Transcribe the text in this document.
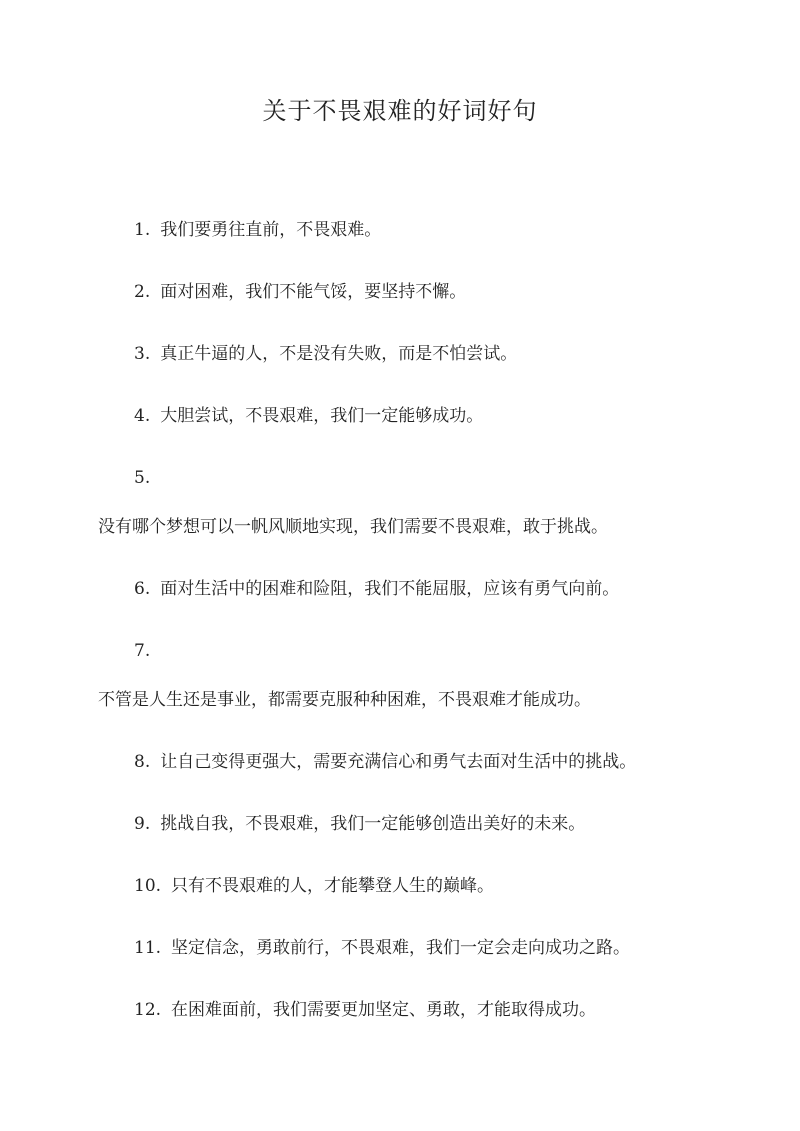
关于不畏艰难的好词好句
1. 我们要勇往直前，不畏艰难。
2. 面对困难，我们不能气馁，要坚持不懈。
3. 真正牛逼的人，不是没有失败，而是不怕尝试。
4. 大胆尝试，不畏艰难，我们一定能够成功。
5.
没有哪个梦想可以一帆风顺地实现，我们需要不畏艰难，敢于挑战。
6. 面对生活中的困难和险阻，我们不能屈服，应该有勇气向前。
7.
不管是人生还是事业，都需要克服种种困难，不畏艰难才能成功。
8. 让自己变得更强大，需要充满信心和勇气去面对生活中的挑战。
9. 挑战自我，不畏艰难，我们一定能够创造出美好的未来。
10. 只有不畏艰难的人，才能攀登人生的巅峰。
11. 坚定信念，勇敢前行，不畏艰难，我们一定会走向成功之路。
12. 在困难面前，我们需要更加坚定、勇敢，才能取得成功。
